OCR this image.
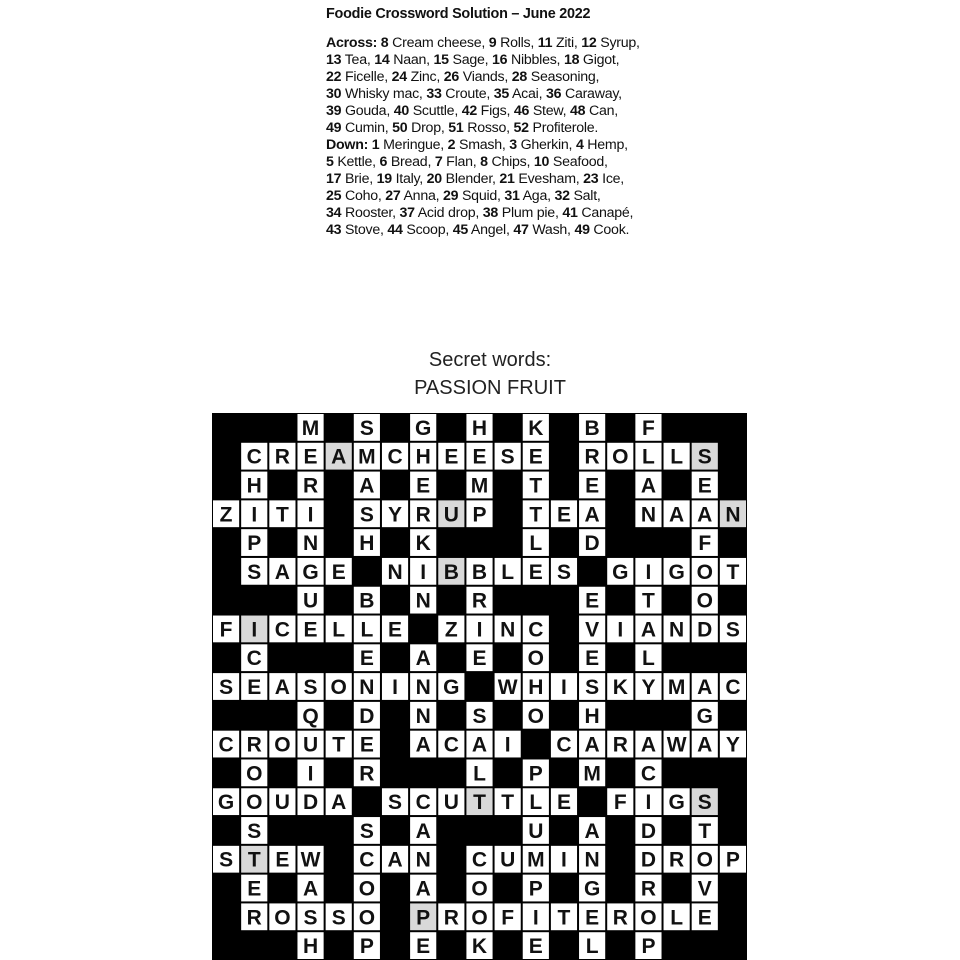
Foodie Crossword Solution – June 2022
Across: 8 Cream cheese, 9 Rolls, 11 Ziti, 12 Syrup,
13 Tea, 14 Naan, 15 Sage, 16 Nibbles, 18 Gigot,
22 Ficelle, 24 Zinc, 26 Viands, 28 Seasoning,
30 Whisky mac, 33 Croute, 35 Acai, 36 Caraway,
39 Gouda, 40 Scuttle, 42 Figs, 46 Stew, 48 Can,
49 Cumin, 50 Drop, 51 Rosso, 52 Profiterole.
Down: 1 Meringue, 2 Smash, 3 Gherkin, 4 Hemp,
5 Kettle, 6 Bread, 7 Flan, 8 Chips, 10 Seafood,
17 Brie, 19 Italy, 20 Blender, 21 Evesham, 23 Ice,
25 Coho, 27 Anna, 29 Squid, 31 Aga, 32 Salt,
34 Rooster, 37 Acid drop, 38 Plum pie, 41 Canapé,
43 Stove, 44 Scoop, 45 Angel, 47 Wash, 49 Cook.
Secret words:
PASSION FRUIT
M S G H K B F
C R E A M C H E E S E R O L L S
H R A E M T E A E
Z I T I S Y R U P T E A N A A N
P N H K	L D	F
S A G E N I B B L E S G I G O T
U B N R	E T O
F I C E L L E Z I N C V I A N D S
C	E A E O E L
S E A S O N I N G W H I S K Y M A C
Q D N S O H	G
C R O U T E A C A I C A R A W A Y
O I R	L P M C
G O U D A S C U T T L E F I G S
S	S A	U A D T
S T E W C A N C U M I N D R O P
E A O A O P G R V
R O S S O P R O F I T E R O L E
H P E K E L P
